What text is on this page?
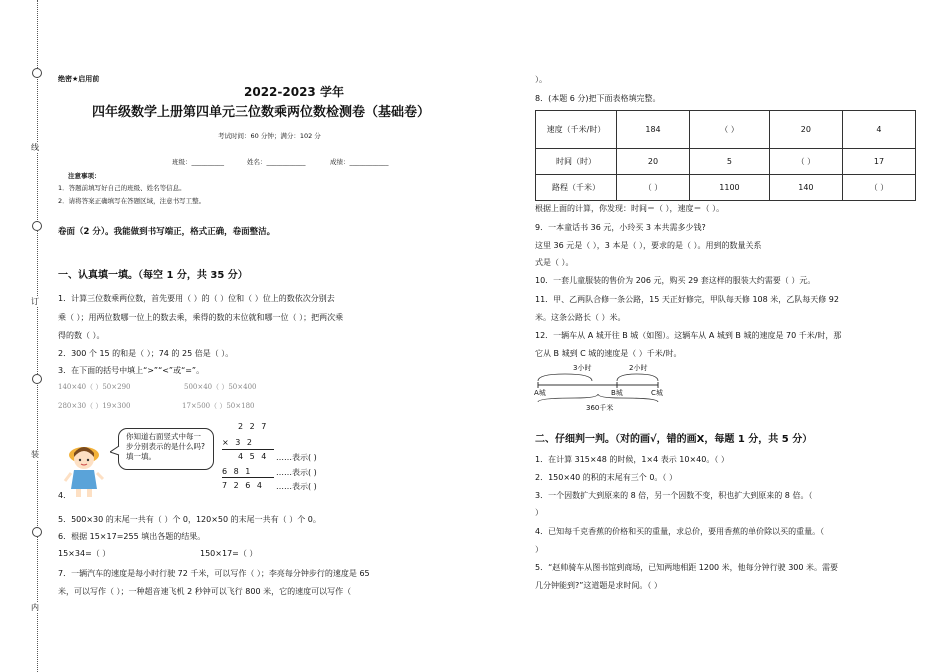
线
订
装
内
绝密★启用前
2022-2023 学年
四年级数学上册第四单元三位数乘两位数检测卷（基础卷）
考试时间：60 分钟；满分：102 分
班级：__________	姓名：____________	成绩：____________
注意事项：
1．答题前填写好自己的班级、姓名等信息。
2．请将答案正确填写在答题区域，注意书写工整。
卷面（2 分）。我能做到书写端正，格式正确，卷面整洁。
一、认真填一填。（每空 1 分，共 35 分）
1．计算三位数乘两位数，首先要用（ ）的（ ）位和（ ）位上的数依次分别去
乘（ ）；用两位数哪一位上的数去乘，乘得的数的末位就和哪一位（ ）；把两次乘
得的数（ ）。
2．300 个 15 的和是（ ）；74 的 25 倍是（ ）。
3．在下面的括号中填上“>”“<”或“=”。
140×40（ ）50×290	500×40（ ）50×400
280×30（ ）19×300	17×500（ ）50×180
你知道右面竖式中每一步分别表示的是什么吗?填一填。
2 2 7
× 3 2
4 5 4
6 8 1
7 2 6 4
……表示( )
……表示( )
……表示( )
4．
5．500×30 的末尾一共有（ ）个 0，120×50 的末尾一共有（ ）个 0。
6．根据 15×17=255 填出各题的结果。
15×34=（ ）	150×17=（ ）
7．一辆汽车的速度是每小时行驶 72 千米，可以写作（ ）；李亮每分钟步行的速度是 65
米，可以写作（ ）；一种超音速飞机 2 秒钟可以飞行 800 米，它的速度可以写作（
）。
8．(本题 6 分)把下面表格填完整。
速度（千米/时）	184	（ ）	20	4
时间（时）	20	5	（ ）	17
路程（千米）	（ ）	1100	140	（ ）
根据上面的计算，你发现：时间＝（ ），速度＝（ ）。
9．一本童话书 36 元，小玲买 3 本共需多少钱?
这里 36 元是（ ），3 本是（ ），要求的是（ ）。用到的数量关系
式是（ ）。
10．一套儿童服装的售价为 206 元，购买 29 套这样的服装大约需要（ ）元。
11．甲、乙两队合修一条公路，15 天正好修完，甲队每天修 108 米，乙队每天修 92
米。这条公路长（ ）米。
12．一辆车从 A 城开往 B 城（如图）。这辆车从 A 城到 B 城的速度是 70 千米/时，那
它从 B 城到 C 城的速度是（ ）千米/时。
3小时	2小时
A城	B城	C城
360千米
二、仔细判一判。（对的画√，错的画X，每题 1 分，共 5 分）
1．在计算 315×48 的时候，1×4 表示 10×40。（ ）
2．150×40 的积的末尾有三个 0。（ ）
3．一个因数扩大到原来的 8 倍，另一个因数不变，积也扩大到原来的 8 倍。（
）
4．已知每千克香蕉的价格和买的重量，求总价，要用香蕉的单价除以买的重量。（
）
5．“赵帅骑车从图书馆到商场，已知两地相距 1200 米，他每分钟行驶 300 米。需要
几分钟能到?”这道题是求时间。（ ）
